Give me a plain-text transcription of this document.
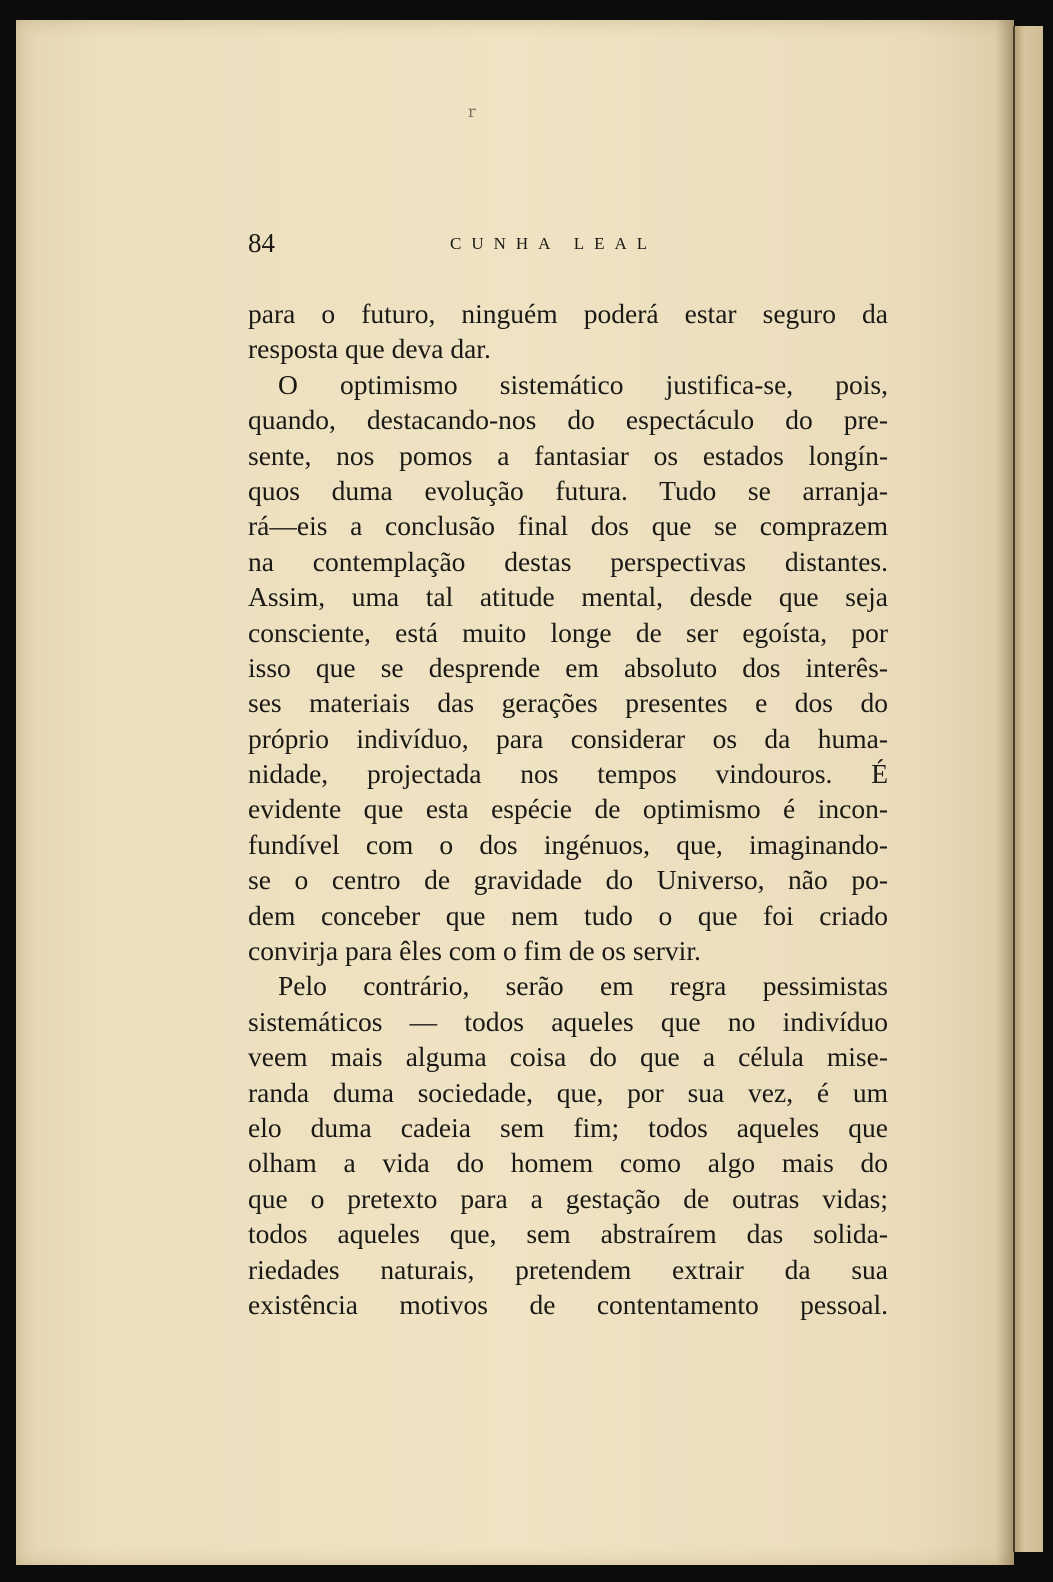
r
84	CUNHA LEAL
para o futuro, ninguém poderá estar seguro da
resposta que deva dar.
O optimismo sistemático justifica-se, pois,
quando, destacando-nos do espectáculo do pre-
sente, nos pomos a fantasiar os estados longín-
quos duma evolução futura. Tudo se arranja-
rá—eis a conclusão final dos que se comprazem
na contemplação destas perspectivas distantes.
Assim, uma tal atitude mental, desde que seja
consciente, está muito longe de ser egoísta, por
isso que se desprende em absoluto dos interês-
ses materiais das gerações presentes e dos do
próprio indivíduo, para considerar os da huma-
nidade, projectada nos tempos vindouros. É
evidente que esta espécie de optimismo é incon-
fundível com o dos ingénuos, que, imaginando-
se o centro de gravidade do Universo, não po-
dem conceber que nem tudo o que foi criado
convirja para êles com o fim de os servir.
Pelo contrário, serão em regra pessimistas
sistemáticos — todos aqueles que no indivíduo
veem mais alguma coisa do que a célula mise-
randa duma sociedade, que, por sua vez, é um
elo duma cadeia sem fim; todos aqueles que
olham a vida do homem como algo mais do
que o pretexto para a gestação de outras vidas;
todos aqueles que, sem abstraírem das solida-
riedades naturais, pretendem extrair da sua
existência motivos de contentamento pessoal.
